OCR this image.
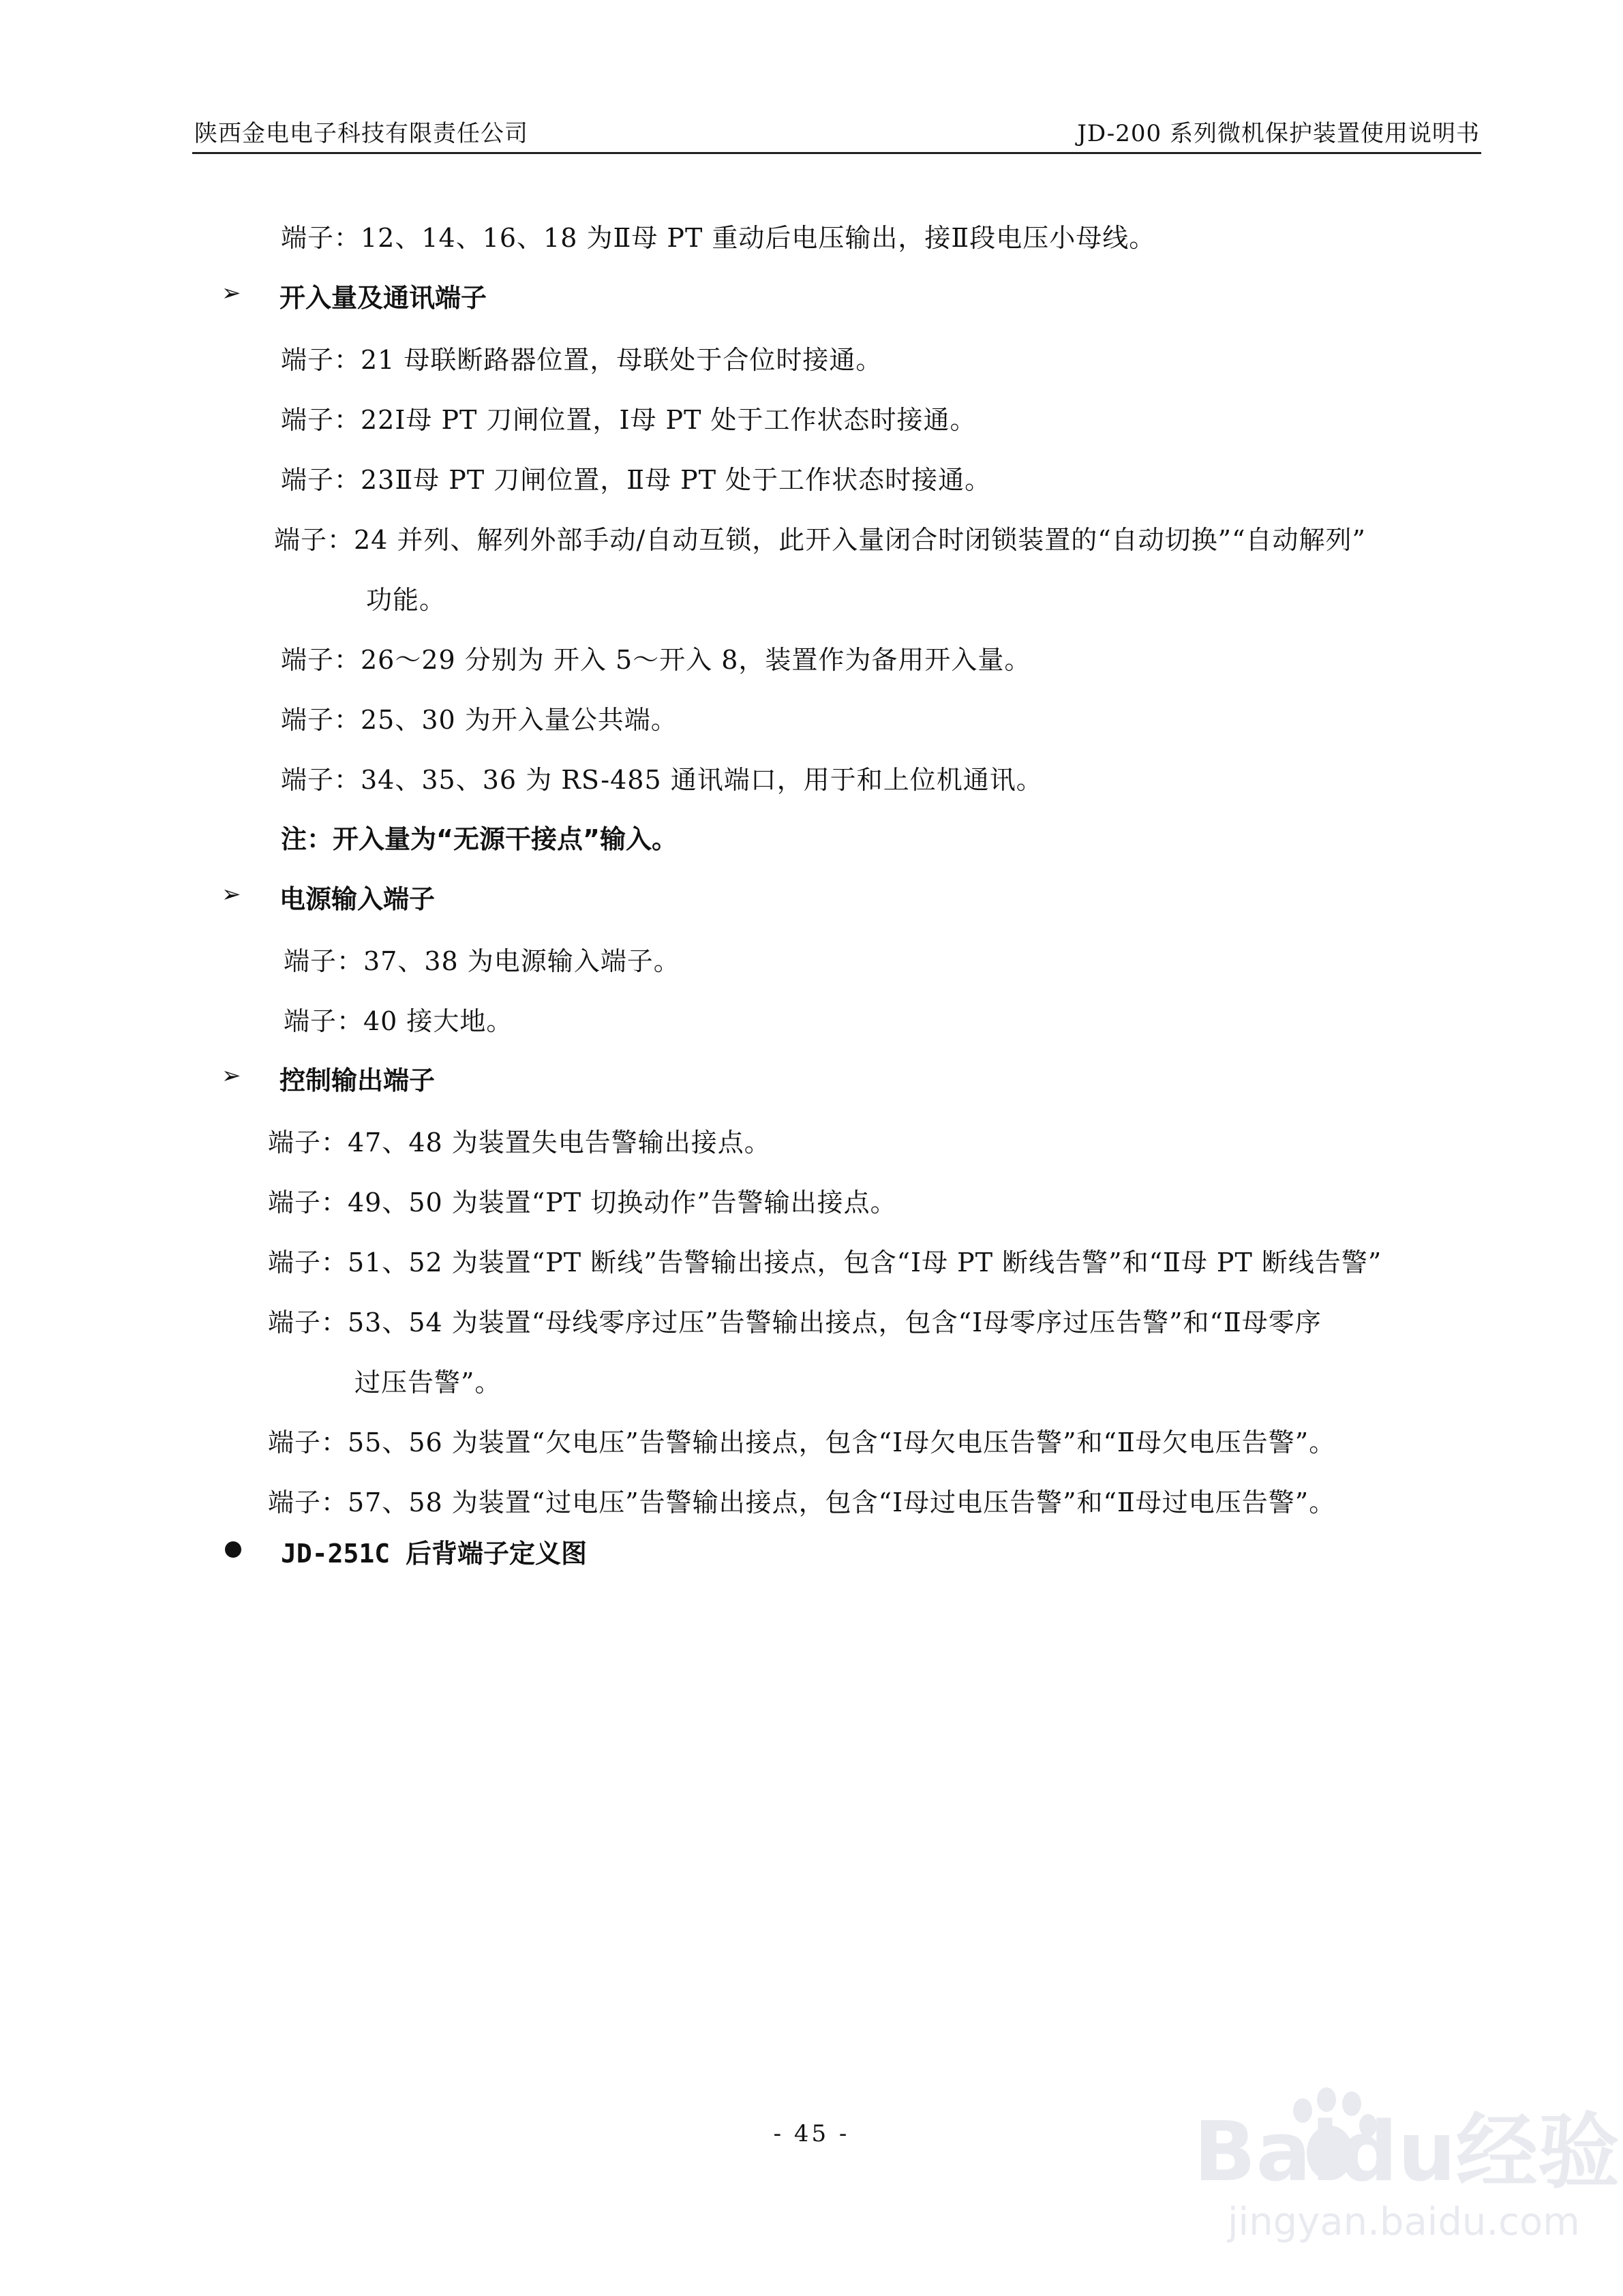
陕西金电电子科技有限责任公司	JD-200 系列微机保护装置使用说明书
端子：12、14、16、18 为Ⅱ母 PT 重动后电压输出，接Ⅱ段电压小母线。
➢ 开入量及通讯端子
端子：21 母联断路器位置，母联处于合位时接通。
端子：22Ⅰ母 PT 刀闸位置，Ⅰ母 PT 处于工作状态时接通。
端子：23Ⅱ母 PT 刀闸位置，Ⅱ母 PT 处于工作状态时接通。
端子：24 并列、解列外部手动/自动互锁，此开入量闭合时闭锁装置的“自动切换”“自动解列”
功能。
端子：26～29 分别为 开入 5～开入 8，装置作为备用开入量。
端子：25、30 为开入量公共端。
端子：34、35、36 为 RS-485 通讯端口，用于和上位机通讯。
注：开入量为“无源干接点”输入。
➢ 电源输入端子
端子：37、38 为电源输入端子。
端子：40 接大地。
➢ 控制输出端子
端子：47、48 为装置失电告警输出接点。
端子：49、50 为装置“PT 切换动作”告警输出接点。
端子：51、52 为装置“PT 断线”告警输出接点，包含“Ⅰ母 PT 断线告警”和“Ⅱ母 PT 断线告警”
端子：53、54 为装置“母线零序过压”告警输出接点，包含“Ⅰ母零序过压告警”和“Ⅱ母零序
过压告警”。
端子：55、56 为装置“欠电压”告警输出接点，包含“Ⅰ母欠电压告警”和“Ⅱ母欠电压告警”。
端子：57、58 为装置“过电压”告警输出接点，包含“Ⅰ母过电压告警”和“Ⅱ母过电压告警”。
JD-251C 后背端子定义图
- 45 -	Baidu经验
jingyan.baidu.com
